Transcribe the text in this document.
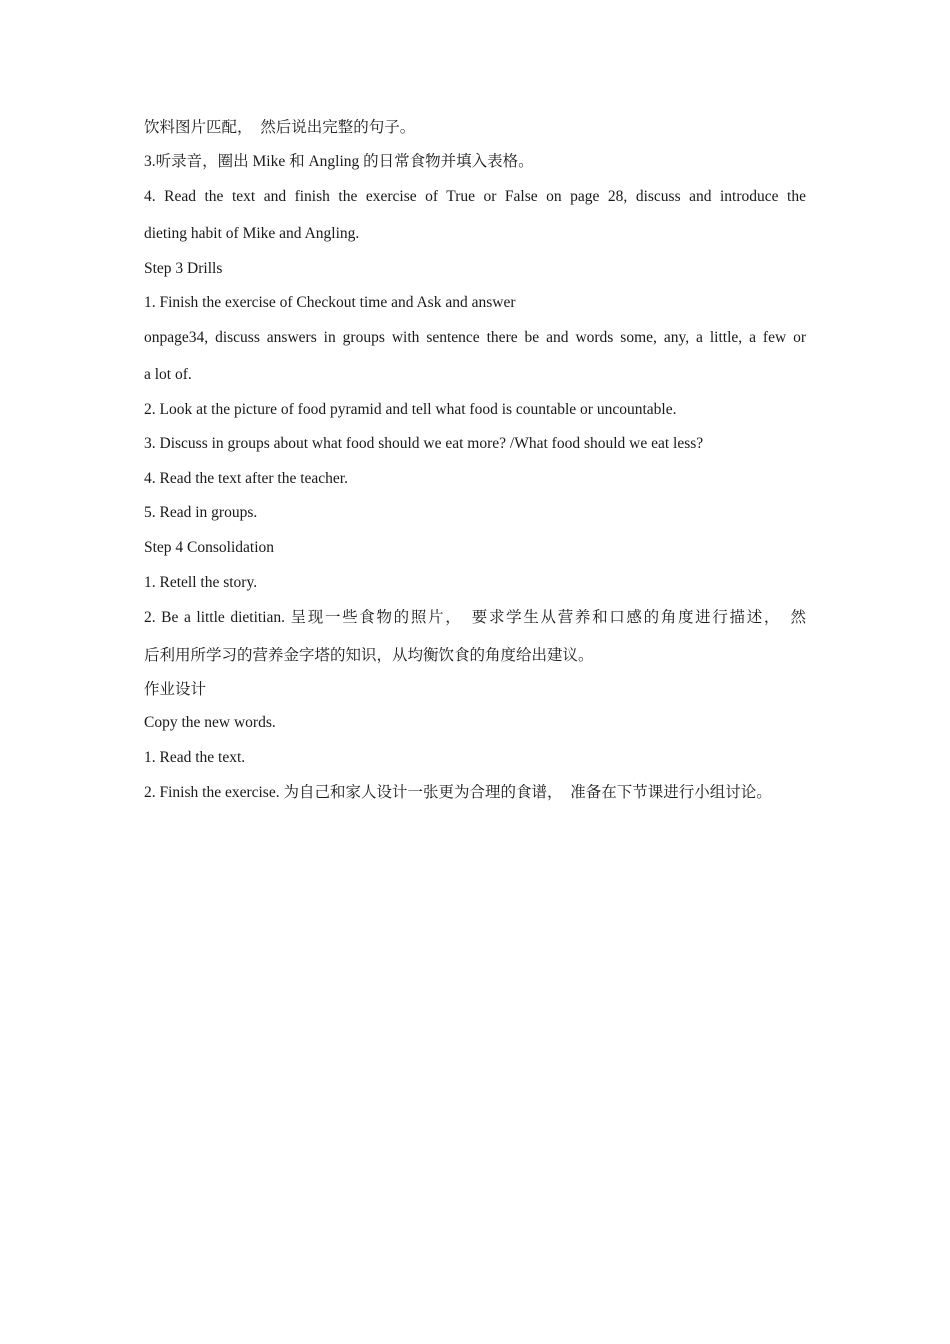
饮料图片匹配，　然后说出完整的句子。

3.听录音，圈出 Mike 和 Angling 的日常食物并填入表格。

4. Read the text and finish the exercise of True or False on page 28, discuss and introduce the

dieting habit of Mike and Angling.

Step 3 Drills

1. Finish the exercise of Checkout time and Ask and answer

onpage34, discuss answers in groups with sentence there be and words some, any, a little, a few or

a lot of.

2. Look at the picture of food pyramid and tell what food is countable or uncountable.

3. Discuss in groups about what food should we eat more? /What food should we eat less?

4. Read the text after the teacher.

5. Read in groups.

Step 4 Consolidation

1. Retell the story.

2. Be a little dietitian. 呈现一些食物的照片，　要求学生从营养和口感的角度进行描述，　然

后利用所学习的营养金字塔的知识，从均衡饮食的角度给出建议。

作业设计

Copy the new words.

1. Read the text.

2. Finish the exercise. 为自己和家人设计一张更为合理的食谱，　准备在下节课进行小组讨论。
